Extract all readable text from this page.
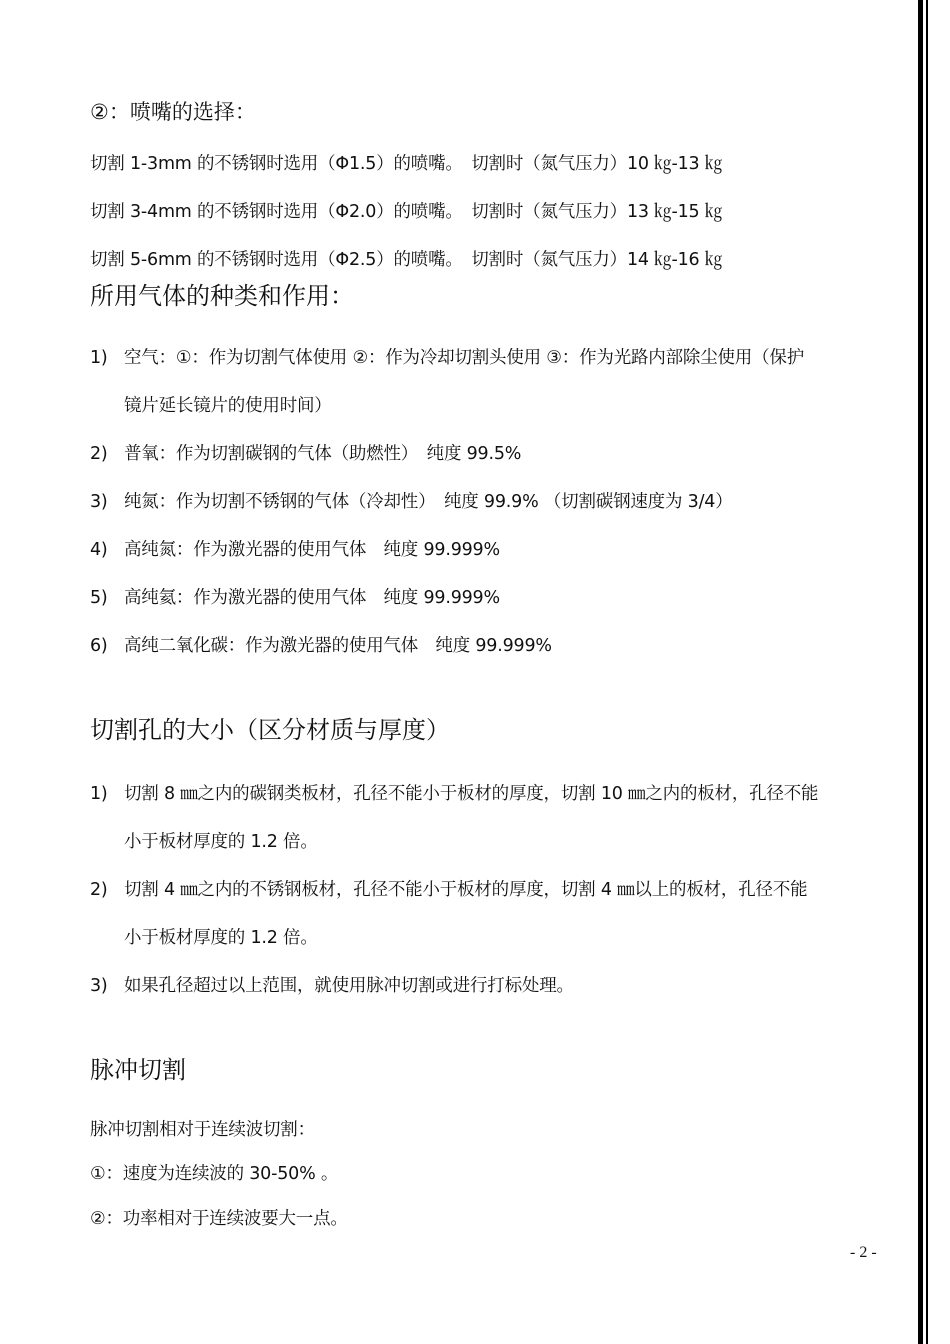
②：喷嘴的选择：
切割 1-3mm 的不锈钢时选用（Φ1.5）的喷嘴。　切割时（氮气压力）10 ㎏-13 ㎏
切割 3-4mm 的不锈钢时选用（Φ2.0）的喷嘴。　切割时（氮气压力）13 ㎏-15 ㎏
切割 5-6mm 的不锈钢时选用（Φ2.5）的喷嘴。　切割时（氮气压力）14 ㎏-16 ㎏
所用气体的种类和作用：
1) 空气：①：作为切割气体使用 ②：作为冷却切割头使用 ③：作为光路内部除尘使用（保护
镜片延长镜片的使用时间）
2) 普氧：作为切割碳钢的气体（助燃性）　纯度 99.5%
3) 纯氮：作为切割不锈钢的气体（冷却性）　纯度 99.9% （切割碳钢速度为 3/4）
4) 高纯氮：作为激光器的使用气体　纯度 99.999%
5) 高纯氦：作为激光器的使用气体　纯度 99.999%
6) 高纯二氧化碳：作为激光器的使用气体　纯度 99.999%
切割孔的大小（区分材质与厚度）
1) 切割 8 ㎜之内的碳钢类板材，孔径不能小于板材的厚度，切割 10 ㎜之内的板材，孔径不能
小于板材厚度的 1.2 倍。
2) 切割 4 ㎜之内的不锈钢板材，孔径不能小于板材的厚度，切割 4 ㎜以上的板材，孔径不能
小于板材厚度的 1.2 倍。
3) 如果孔径超过以上范围，就使用脉冲切割或进行打标处理。
脉冲切割
脉冲切割相对于连续波切割：
①：速度为连续波的 30-50% 。
②：功率相对于连续波要大一点。
- 2 -
